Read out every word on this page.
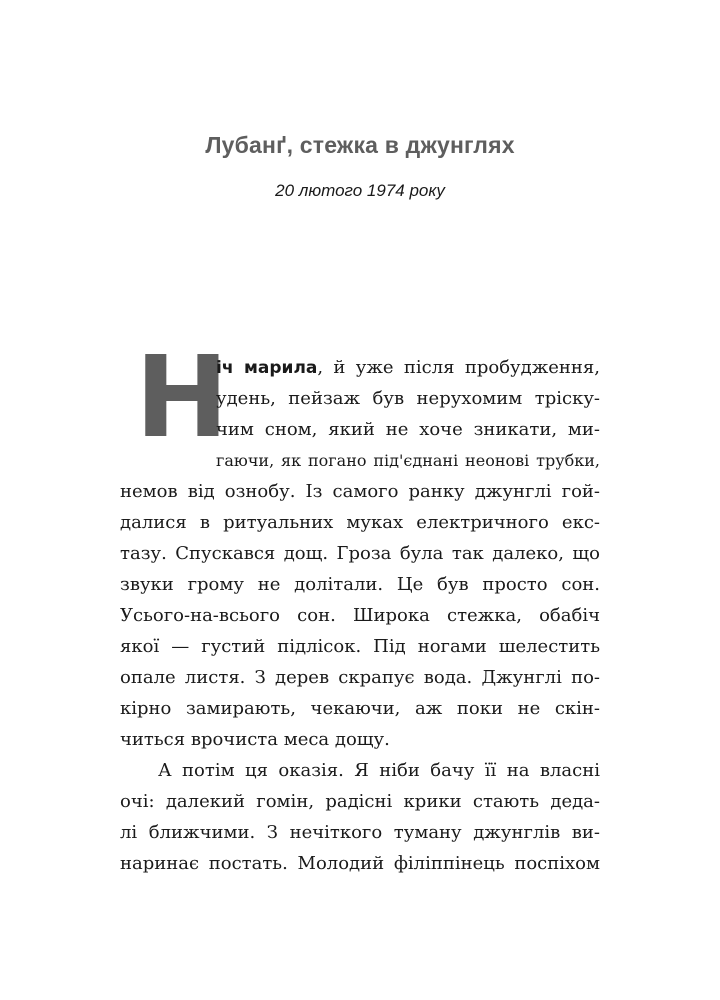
Лубанґ, стежка в джунглях

20 лютого 1974 року

Н
іч марила, й уже після пробудження,
удень, пейзаж був нерухомим тріску-
чим сном, який не хоче зникати, ми-
гаючи, як погано під'єднані неонові трубки,
немов від ознобу. Із самого ранку джунглі гой-
далися в ритуальних муках електричного екс-
тазу. Спускався дощ. Гроза була так далеко, що
звуки грому не долітали. Це був просто сон.
Усього-на-всього сон. Широка стежка, обабіч
якої — густий підлісок. Під ногами шелестить
опале листя. З дерев скрапує вода. Джунглі по-
кірно замирають, чекаючи, аж поки не скін-
читься врочиста меса дощу.
А потім ця оказія. Я ніби бачу її на власні
очі: далекий гомін, радісні крики стають деда-
лі ближчими. З нечіткого туману джунглів ви-
наринає постать. Молодий філіппінець поспіхом
